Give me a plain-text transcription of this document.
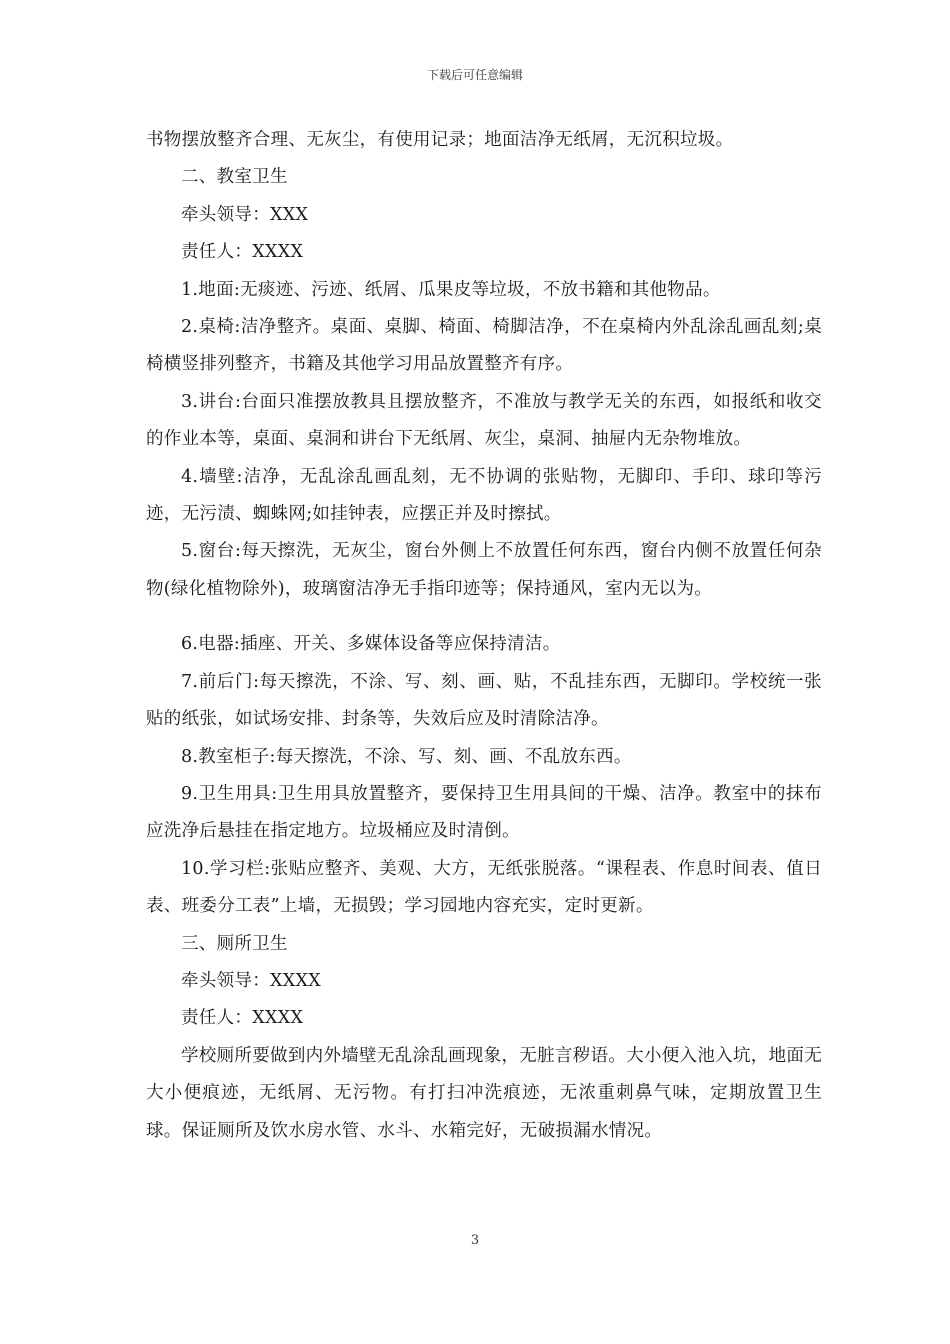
下载后可任意编辑

书物摆放整齐合理、无灰尘，有使用记录；地面洁净无纸屑，无沉积垃圾。

二、教室卫生

牵头领导：XXX

责任人：XXXX

1.地面:无痰迹、污迹、纸屑、瓜果皮等垃圾，不放书籍和其他物品。

2.桌椅:洁净整齐。桌面、桌脚、椅面、椅脚洁净，不在桌椅内外乱涂乱画乱刻;桌椅横竖排列整齐，书籍及其他学习用品放置整齐有序。

3.讲台:台面只准摆放教具且摆放整齐，不准放与教学无关的东西，如报纸和收交的作业本等，桌面、桌洞和讲台下无纸屑、灰尘，桌洞、抽屉内无杂物堆放。

4.墙壁:洁净，无乱涂乱画乱刻，无不协调的张贴物，无脚印、手印、球印等污迹，无污渍、蜘蛛网;如挂钟表，应摆正并及时擦拭。

5.窗台:每天擦洗，无灰尘，窗台外侧上不放置任何东西，窗台内侧不放置任何杂物(绿化植物除外)，玻璃窗洁净无手指印迹等；保持通风，室内无以为。

6.电器:插座、开关、多媒体设备等应保持清洁。

7.前后门:每天擦洗，不涂、写、刻、画、贴，不乱挂东西，无脚印。学校统一张贴的纸张，如试场安排、封条等，失效后应及时清除洁净。

8.教室柜子:每天擦洗，不涂、写、刻、画、不乱放东西。

9.卫生用具:卫生用具放置整齐，要保持卫生用具间的干燥、洁净。教室中的抹布应洗净后悬挂在指定地方。垃圾桶应及时清倒。

10.学习栏:张贴应整齐、美观、大方，无纸张脱落。“课程表、作息时间表、值日表、班委分工表”上墙，无损毁；学习园地内容充实，定时更新。

三、厕所卫生

牵头领导：XXXX

责任人：XXXX

学校厕所要做到内外墙壁无乱涂乱画现象，无脏言秽语。大小便入池入坑，地面无大小便痕迹，无纸屑、无污物。有打扫冲洗痕迹，无浓重刺鼻气味，定期放置卫生球。保证厕所及饮水房水管、水斗、水箱完好，无破损漏水情况。

3
